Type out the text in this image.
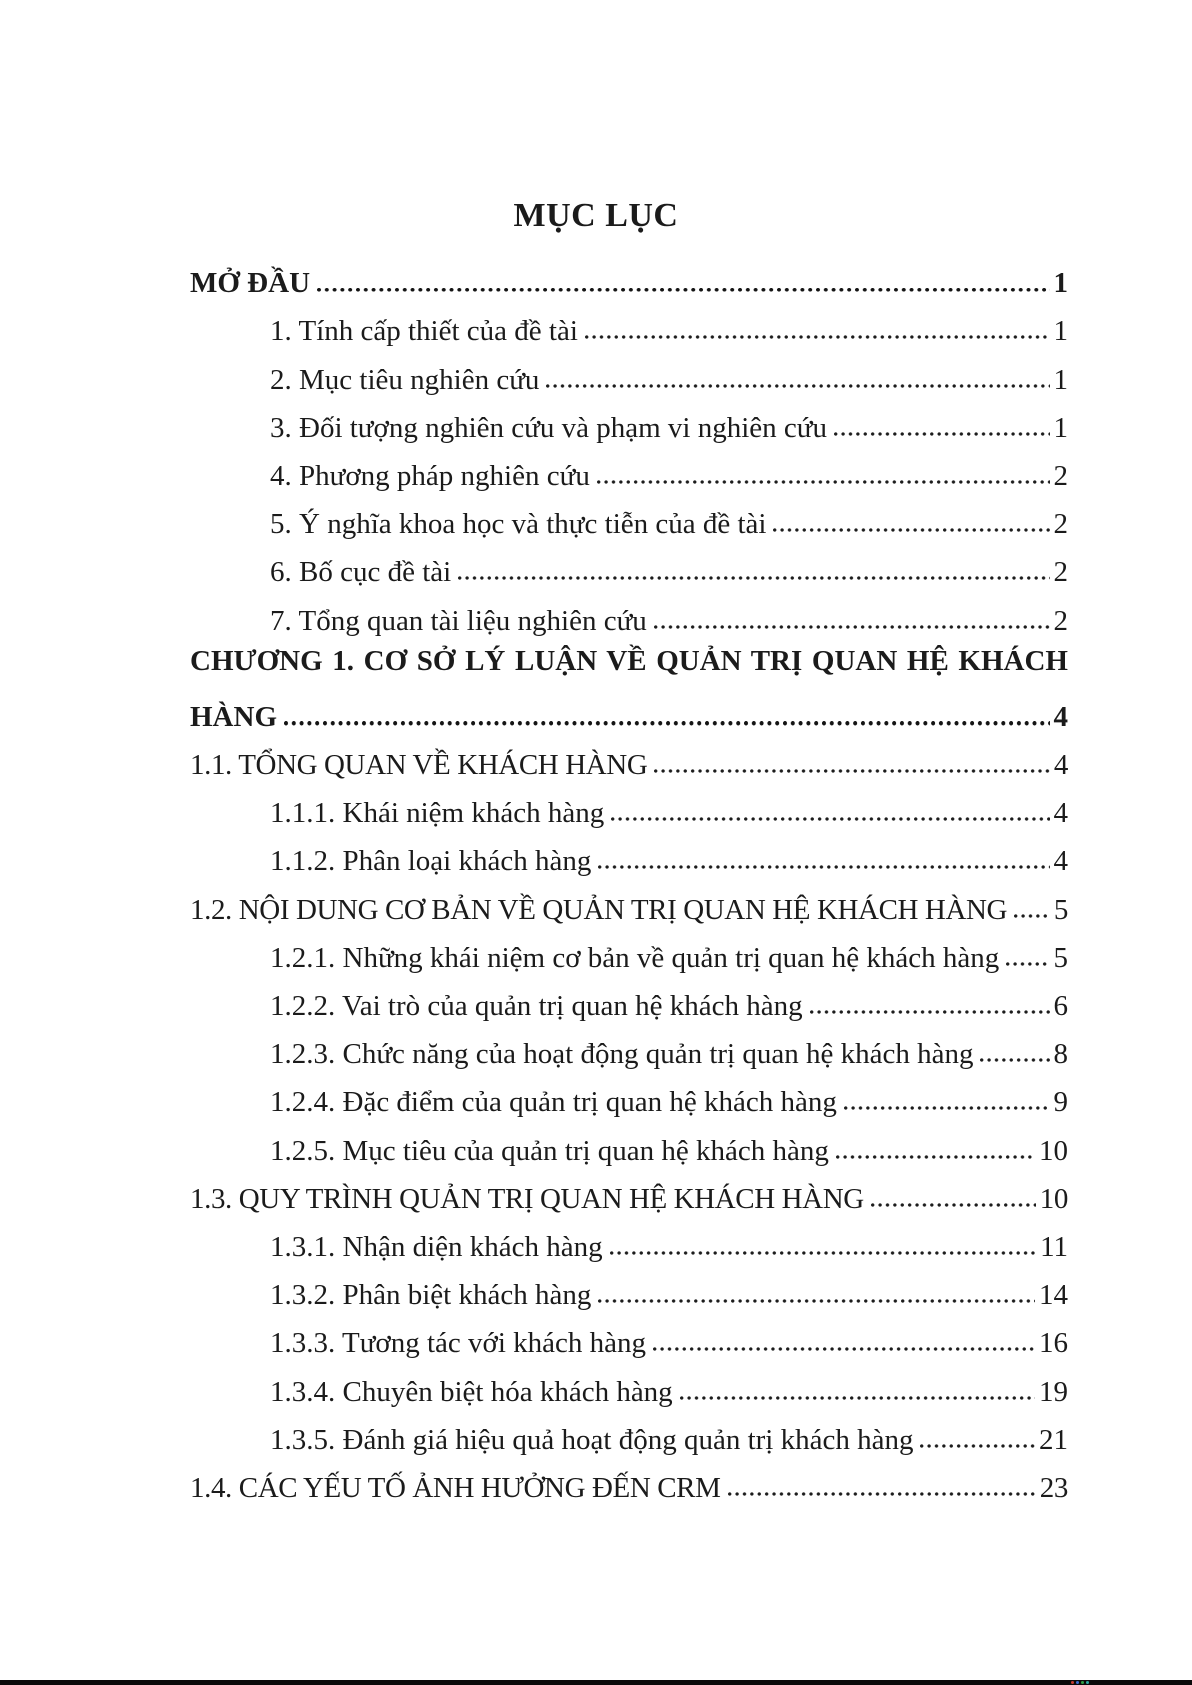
MỤC LỤC
MỞ ĐẦU	1
1. Tính cấp thiết của đề tài	1
2. Mục tiêu nghiên cứu	1
3. Đối tượng nghiên cứu và phạm vi nghiên cứu	1
4. Phương pháp nghiên cứu	2
5. Ý nghĩa khoa học và thực tiễn của đề tài	2
6. Bố cục đề tài	2
7. Tổng quan tài liệu nghiên cứu	2
CHƯƠNG 1. CƠ SỞ LÝ LUẬN VỀ QUẢN TRỊ QUAN HỆ KHÁCH
HÀNG	4
1.1. TỔNG QUAN VỀ KHÁCH HÀNG	4
1.1.1. Khái niệm khách hàng	4
1.1.2. Phân loại khách hàng	4
1.2. NỘI DUNG CƠ BẢN VỀ QUẢN TRỊ QUAN HỆ KHÁCH HÀNG 5
1.2.1. Những khái niệm cơ bản về quản trị quan hệ khách hàng 5
1.2.2. Vai trò của quản trị quan hệ khách hàng	6
1.2.3. Chức năng của hoạt động quản trị quan hệ khách hàng	8
1.2.4. Đặc điểm của quản trị quan hệ khách hàng	9
1.2.5. Mục tiêu của quản trị quan hệ khách hàng	10
1.3. QUY TRÌNH QUẢN TRỊ QUAN HỆ KHÁCH HÀNG	10
1.3.1. Nhận diện khách hàng	11
1.3.2. Phân biệt khách hàng	14
1.3.3. Tương tác với khách hàng	16
1.3.4. Chuyên biệt hóa khách hàng	19
1.3.5. Đánh giá hiệu quả hoạt động quản trị khách hàng	21
1.4. CÁC YẾU TỐ ẢNH HƯỞNG ĐẾN CRM	23
